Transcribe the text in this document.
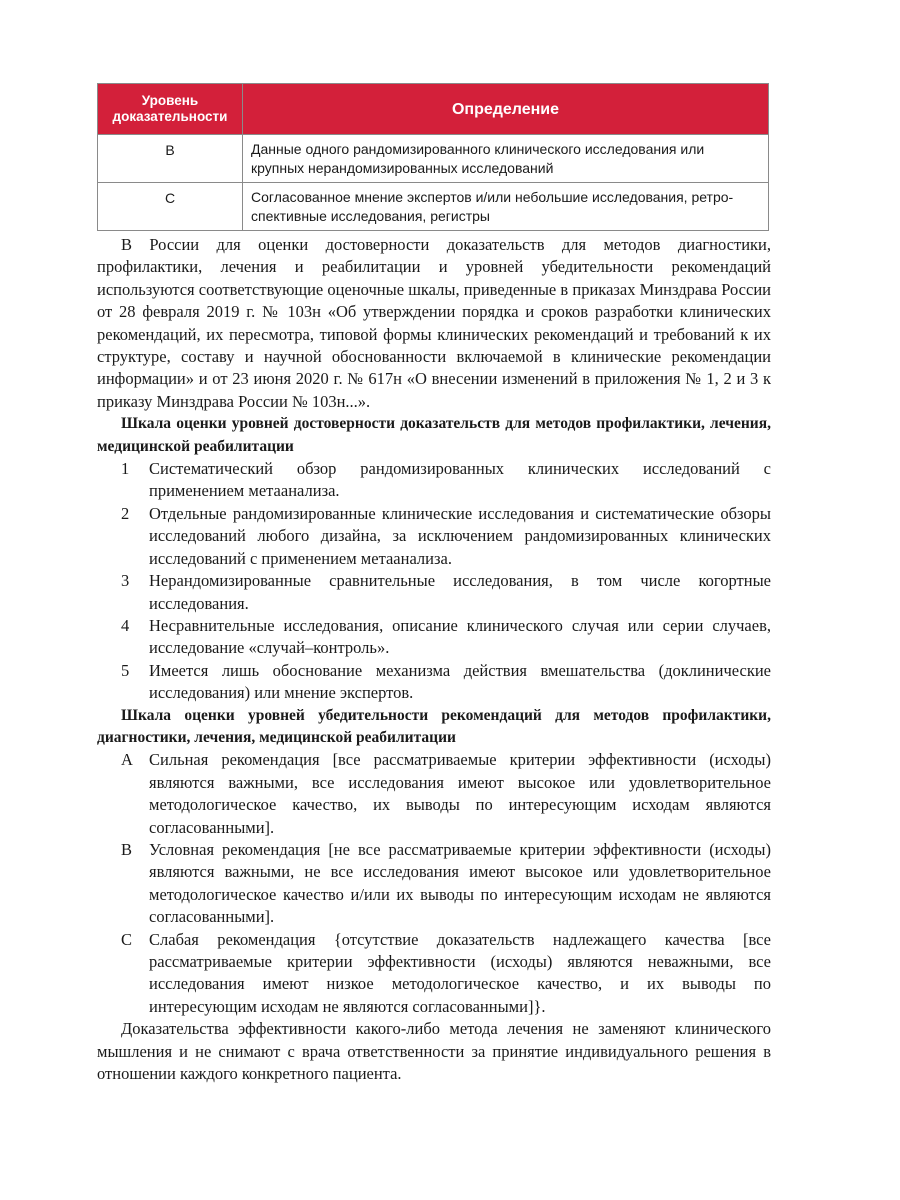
Уровень доказательности	Определение
B	Данные одного рандомизированного клинического исследования или крупных нерандомизированных исследований
C	Согласованное мнение экспертов и/или небольшие исследования, ретро-спективные исследования, регистры

В России для оценки достоверности доказательств для методов диагностики, профилактики, лечения и реабилитации и уровней убедительности рекомендаций используются соответствующие оценочные шкалы, приведенные в приказах Минздрава России от 28 февраля 2019 г. № 103н «Об утверждении порядка и сроков разработки клинических рекомендаций, их пересмотра, типовой формы клинических рекомендаций и требований к их структуре, составу и научной обоснованности включаемой в клинические рекомендации информации» и от 23 июня 2020 г. № 617н «О внесении изменений в приложения № 1, 2 и 3 к приказу Минздрава России № 103н...».

Шкала оценки уровней достоверности доказательств для методов профилактики, лечения, медицинской реабилитации

1 Систематический обзор рандомизированных клинических исследований с применением метаанализа.
2 Отдельные рандомизированные клинические исследования и систематические обзоры исследований любого дизайна, за исключением рандомизированных клинических исследований с применением метаанализа.
3 Нерандомизированные сравнительные исследования, в том числе когортные исследования.
4 Несравнительные исследования, описание клинического случая или серии случаев, исследование «случай–контроль».
5 Имеется лишь обоснование механизма действия вмешательства (доклинические исследования) или мнение экспертов.

Шкала оценки уровней убедительности рекомендаций для методов профилактики, диагностики, лечения, медицинской реабилитации

A Сильная рекомендация [все рассматриваемые критерии эффективности (исходы) являются важными, все исследования имеют высокое или удовлетворительное методологическое качество, их выводы по интересующим исходам являются согласованными].
B Условная рекомендация [не все рассматриваемые критерии эффективности (исходы) являются важными, не все исследования имеют высокое или удовлетворительное методологическое качество и/или их выводы по интересующим исходам не являются согласованными].
C Слабая рекомендация {отсутствие доказательств надлежащего качества [все рассматриваемые критерии эффективности (исходы) являются неважными, все исследования имеют низкое методологическое качество, и их выводы по интересующим исходам не являются согласованными]}.

Доказательства эффективности какого-либо метода лечения не заменяют клинического мышления и не снимают с врача ответственности за принятие индивидуального решения в отношении каждого конкретного пациента.
